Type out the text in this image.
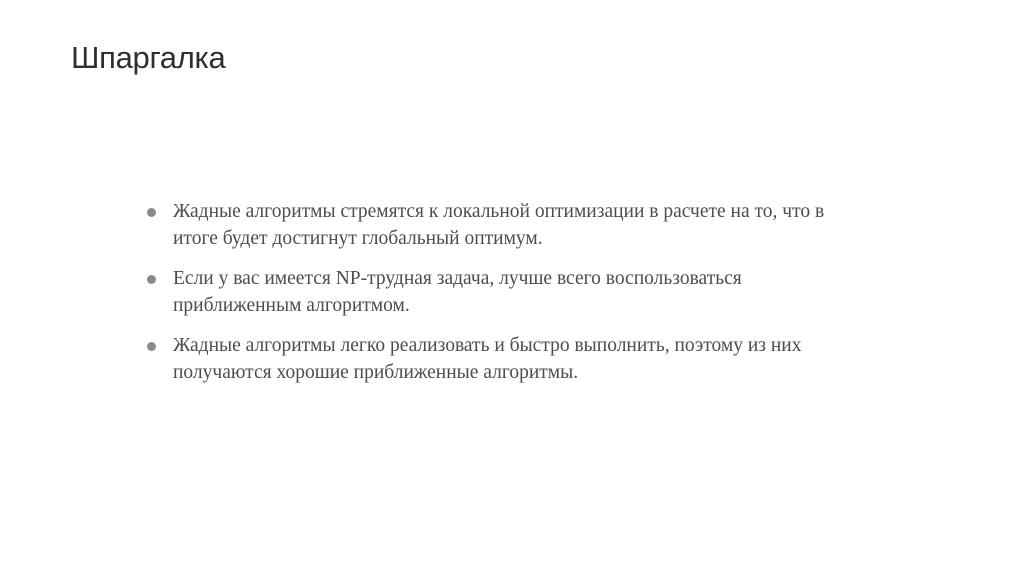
Шпаргалка
Жадные алгоритмы стремятся к локальной оптимизации в расчете на то, что в итоге будет достигнут глобальный оптимум.
Если у вас имеется NP-трудная задача, лучше всего воспользоваться приближенным алгоритмом.
Жадные алгоритмы легко реализовать и быстро выполнить, поэтому из них получаются хорошие приближенные алгоритмы.
